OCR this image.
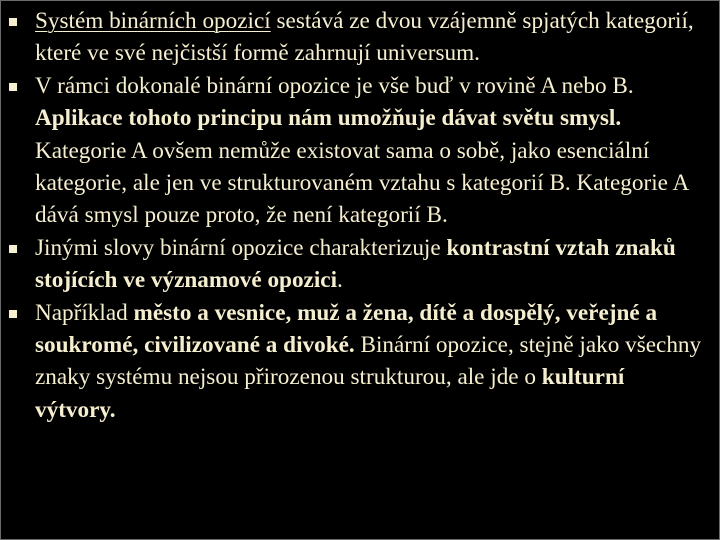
Systém binárních opozicí sestává ze dvou vzájemně spjatých kategorií, které ve své nejčistší formě zahrnují universum.
V rámci dokonalé binární opozice je vše buď v rovině A nebo B. Aplikace tohoto principu nám umožňuje dávat světu smysl. Kategorie A ovšem nemůže existovat sama o sobě, jako esenciální kategorie, ale jen ve strukturovaném vztahu s kategorií B. Kategorie A dává smysl pouze proto, že není kategorií B.
Jinými slovy binární opozice charakterizuje kontrastní vztah znaků stojících ve významové opozici.
Například město a vesnice, muž a žena, dítě a dospělý, veřejné a soukromé, civilizované a divoké. Binární opozice, stejně jako všechny znaky systému nejsou přirozenou strukturou, ale jde o kulturní výtvory.
